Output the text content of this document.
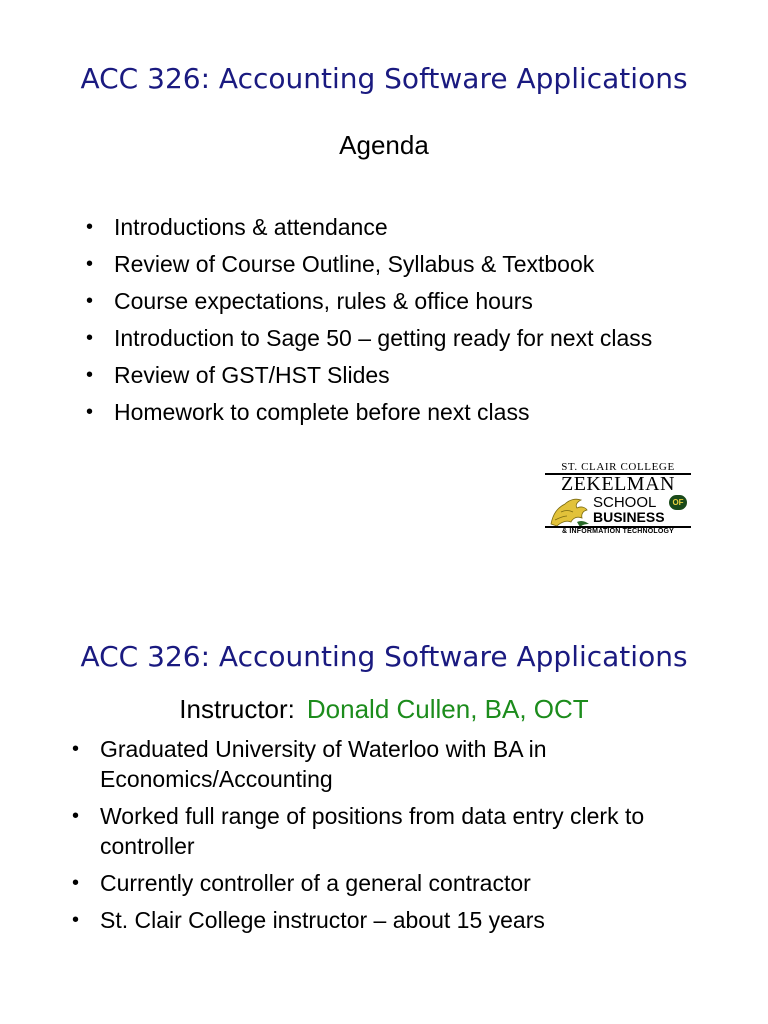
ACC 326: Accounting Software Applications
Agenda
• Introductions & attendance
• Review of Course Outline, Syllabus & Textbook
• Course expectations, rules & office hours
• Introduction to Sage 50 – getting ready for next class
• Review of GST/HST Slides
• Homework to complete before next class
ST. CLAIR COLLEGE
ZEKELMAN
SCHOOL	OF
BUSINESS
& INFORMATION TECHNOLOGY
ACC 326: Accounting Software Applications
Instructor: Donald Cullen, BA, OCT
• Graduated University of Waterloo with BA in Economics/Accounting
• Worked full range of positions from data entry clerk to controller
• Currently controller of a general contractor
• St. Clair College instructor – about 15 years
